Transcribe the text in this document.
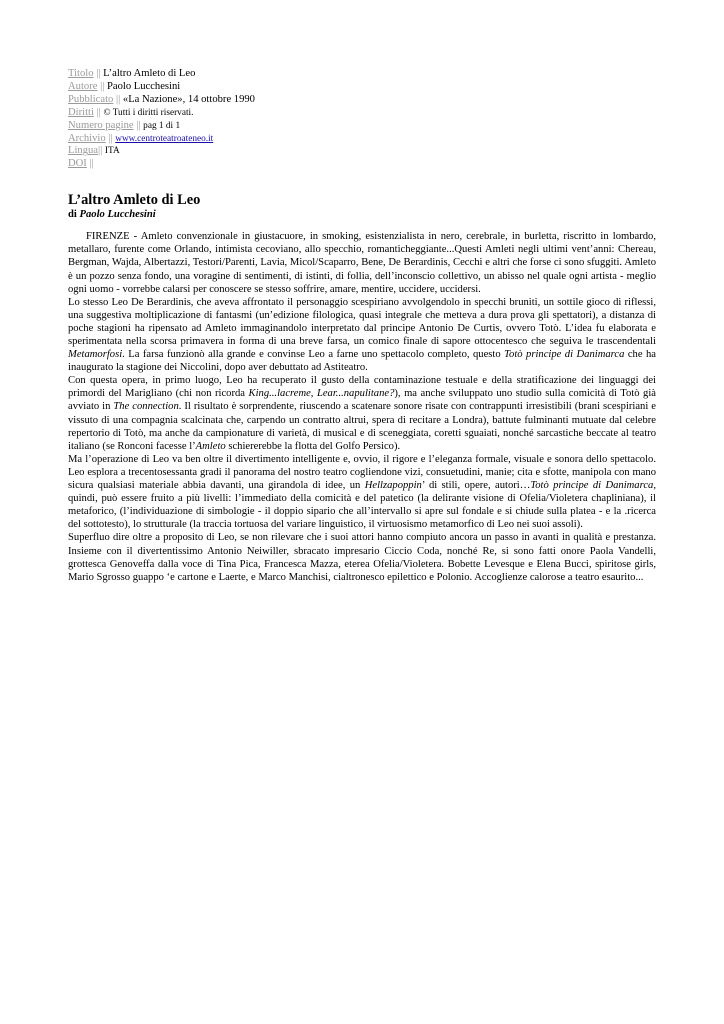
Titolo || L’altro Amleto di Leo
Autore || Paolo Lucchesini
Pubblicato || «La Nazione», 14 ottobre 1990
Diritti || © Tutti i diritti riservati.
Numero pagine || pag 1 di 1
Archivio || www.centroteatroateneo.it
Lingua|| ITA
DOI ||
L’altro Amleto di Leo

di Paolo Lucchesini

FIRENZE - Amleto convenzionale in giustacuore, in smoking, esistenzialista in nero, cerebrale, in burletta, riscritto in lombardo, metallaro, furente come Orlando, intimista cecoviano, allo specchio, romanticheggiante...Questi Amleti negli ultimi vent’anni: Chereau, Bergman, Wajda, Albertazzi, Testori/Parenti, Lavia, Micol/Scaparro, Bene, De Berardinis, Cecchi e altri che forse ci sono sfuggiti. Amleto è un pozzo senza fondo, una voragine di sentimenti, di istinti, di follia, dell’inconscio collettivo, un abisso nel quale ogni artista - meglio ogni uomo - vorrebbe calarsi per conoscere se stesso soffrire, amare, mentire, uccidere, uccidersi.

Lo stesso Leo De Berardinis, che aveva affrontato il personaggio scespiriano avvolgendolo in specchi bruniti, un sottile gioco di riflessi, una suggestiva moltiplicazione di fantasmi (un’edizione filologica, quasi integrale che metteva a dura prova gli spettatori), a distanza di poche stagioni ha ripensato ad Amleto immaginandolo interpretato dal principe Antonio De Curtis, ovvero Totò. L’idea fu elaborata e sperimentata nella scorsa primavera in forma di una breve farsa, un comico finale di sapore ottocentesco che seguiva le trascendentali Metamorfosi. La farsa funzionò alla grande e convinse Leo a farne uno spettacolo completo, questo Totò principe di Danimarca che ha inaugurato la stagione dei Niccolini, dopo aver debuttato ad Astiteatro.

Con questa opera, in primo luogo, Leo ha recuperato il gusto della contaminazione testuale e della stratificazione dei linguaggi dei primordi del Marigliano (chi non ricorda King...lacreme, Lear...napulitane?), ma anche sviluppato uno studio sulla comicità di Totò già avviato in The connection. Il risultato è sorprendente, riuscendo a scatenare sonore risate con contrappunti irresistibili (brani scespiriani e vissuto di una compagnia scalcinata che, carpendo un contratto altrui, spera di recitare a Londra), battute fulminanti mutuate dal celebre repertorio di Totò, ma anche da campionature di varietà, di musical e di sceneggiata, coretti sguaiati, nonché sarcastiche beccate al teatro italiano (se Ronconi facesse l’Amleto schiererebbe la flotta del Golfo Persico).

Ma l’operazione di Leo va ben oltre il divertimento intelligente e, ovvio, il rigore e l’eleganza formale, visuale e sonora dello spettacolo. Leo esplora a trecentosessanta gradi il panorama del nostro teatro cogliendone vizi, consuetudini, manie; cita e sfotte, manipola con mano sicura qualsiasi materiale abbia davanti, una girandola di idee, un Hellzapoppin’ di stili, opere, autori…Totò principe di Danimarca, quindi, può essere fruito a più livelli: l’immediato della comicità e del patetico (la delirante visione di Ofelia/Violetera chapliniana), il metaforico, (l’individuazione di simbologie - il doppio sipario che all’intervallo si apre sul fondale e si chiude sulla platea - e la .ricerca del sottotesto), lo strutturale (la traccia tortuosa del variare linguistico, il virtuosismo metamorfico di Leo nei suoi assoli).

Superfluo dire oltre a proposito di Leo, se non rilevare che i suoi attori hanno compiuto ancora un passo in avanti in qualità e prestanza. Insieme con il divertentissimo Antonio Neiwiller, sbracato impresario Ciccio Coda, nonché Re, si sono fatti onore Paola Vandelli, grottesca Genoveffa dalla voce di Tina Pica, Francesca Mazza, eterea Ofelia/Violetera. Bobette Levesque e Elena Bucci, spiritose girls, Mario Sgrosso guappo ‘e cartone e Laerte, e Marco Manchisi, cialtronesco epilettico e Polonio. Accoglienze calorose a teatro esaurito...
